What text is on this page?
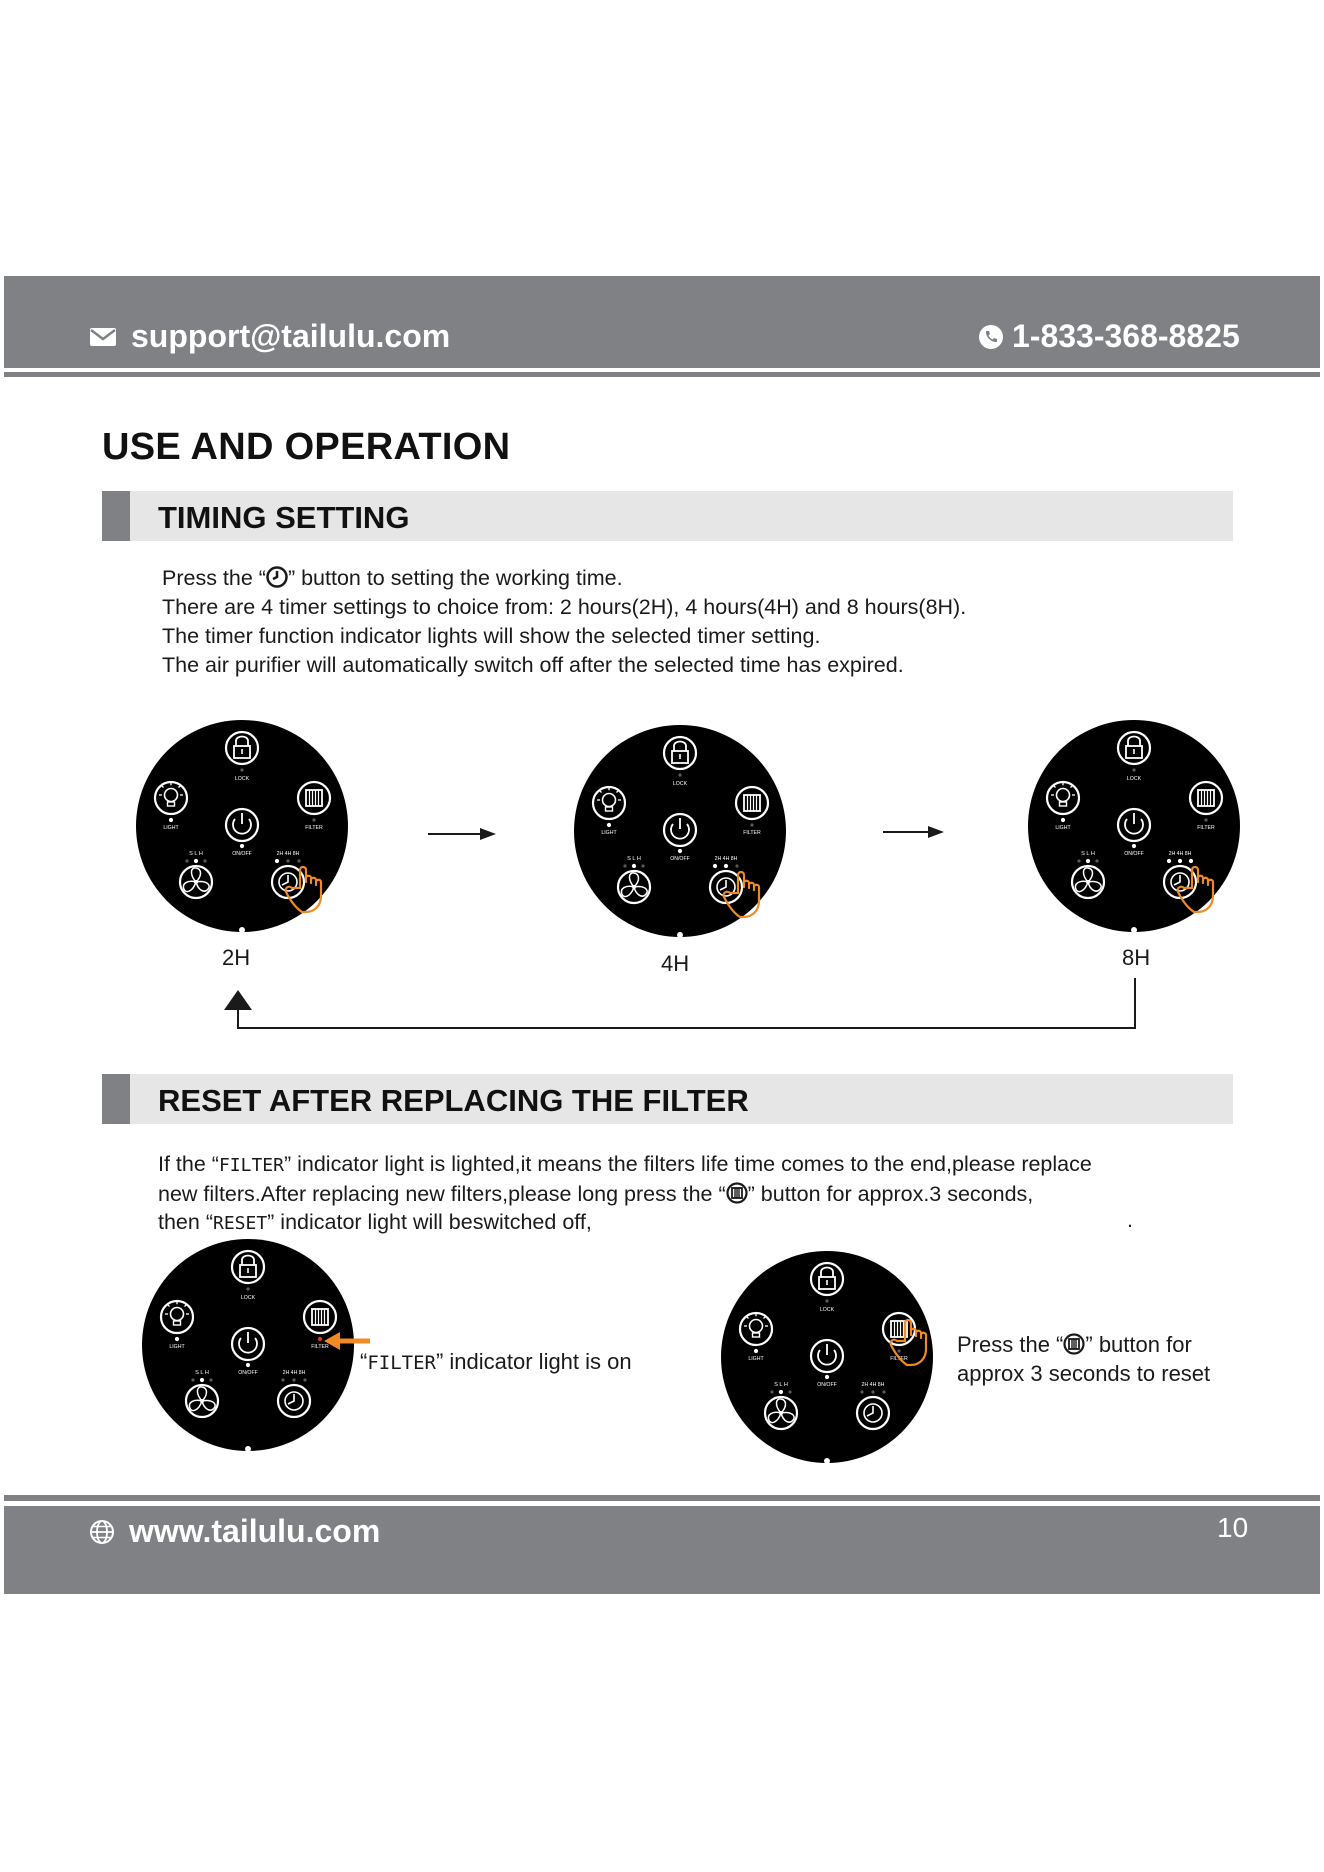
support@tailulu.com	1-833-368-8825
USE AND OPERATION
TIMING SETTING
Press the “ ” button to setting the working time.
There are 4 timer settings to choice from: 2 hours(2H), 4 hours(4H) and 8 hours(8H).
The timer function indicator lights will show the selected timer setting.
The air purifier will automatically switch off after the selected time has expired.
LOCK
LIGHT	FILTER
ON/OFF
S L H	2H 4H 8H
LOCK
LIGHT	FILTER
ON/OFF
S L H	2H 4H 8H
LOCK
LIGHT	FILTER
ON/OFF
S L H	2H 4H 8H
2H	4H	8H
RESET AFTER REPLACING THE FILTER
If the “FILTER” indicator light is lighted,it means the filters life time comes to the end,please replace
new filters.After replacing new filters,please long press the “ ” button for approx.3 seconds,
then “RESET” indicator light will beswitched off,	.
LOCK
LIGHT	FILTER
ON/OFF
S L H	2H 4H 8H
LOCK
LIGHT	FILTER
ON/OFF
S L H	2H 4H 8H
“FILTER” indicator light is on
Press the “ ” button for
approx 3 seconds to reset
www.tailulu.com	10
